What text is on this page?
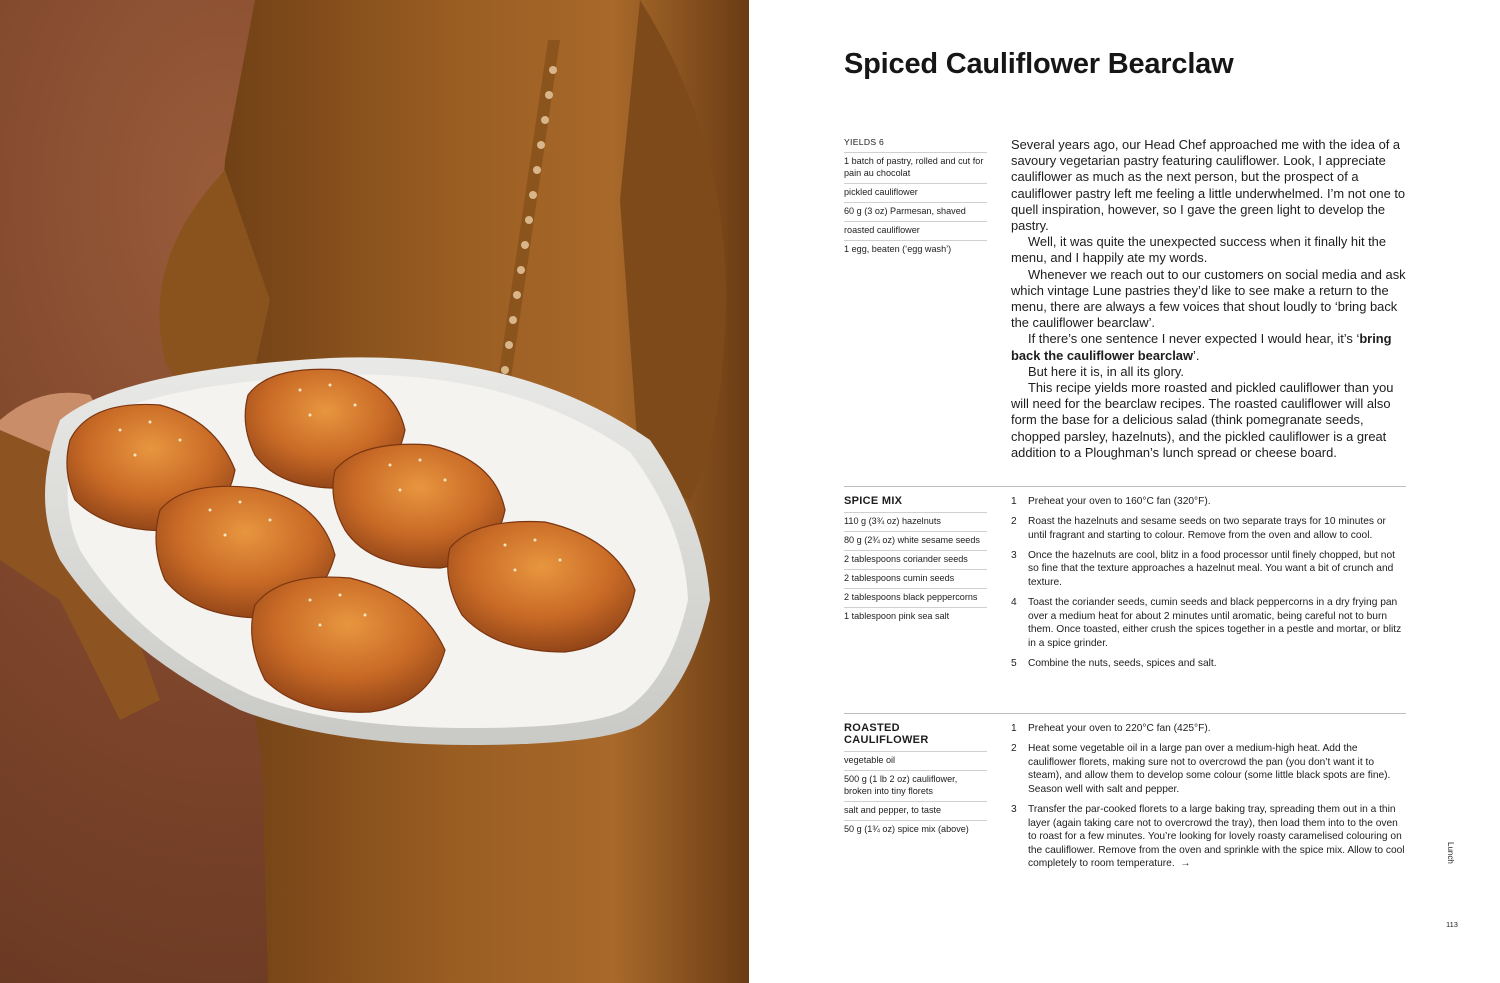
Spiced Cauliflower Bearclaw
YIELDS 6
1 batch of pastry, rolled and cut for pain au chocolat
pickled cauliflower
60 g (3 oz) Parmesan, shaved
roasted cauliflower
1 egg, beaten (‘egg wash’)

Several years ago, our Head Chef approached me with the idea of a savoury vegetarian pastry featuring cauliflower. Look, I appreciate cauliflower as much as the next person, but the prospect of a cauliflower pastry left me feeling a little underwhelmed. I’m not one to quell inspiration, however, so I gave the green light to develop the pastry.

Well, it was quite the unexpected success when it finally hit the menu, and I happily ate my words.

Whenever we reach out to our customers on social media and ask which vintage Lune pastries they’d like to see make a return to the menu, there are always a few voices that shout loudly to ‘bring back the cauliflower bearclaw’.

If there’s one sentence I never expected I would hear, it’s ‘bring back the cauliflower bearclaw’.

But here it is, in all its glory.

This recipe yields more roasted and pickled cauliflower than you will need for the bearclaw recipes. The roasted cauliflower will also form the base for a delicious salad (think pomegranate seeds, chopped parsley, hazelnuts), and the pickled cauliflower is a great addition to a Ploughman’s lunch spread or cheese board.

SPICE MIX
110 g (3¾ oz) hazelnuts
80 g (2¾ oz) white sesame seeds
2 tablespoons coriander seeds
2 tablespoons cumin seeds
2 tablespoons black peppercorns
1 tablespoon pink sea salt
1	Preheat your oven to 160°C fan (320°F).
2	Roast the hazelnuts and sesame seeds on two separate trays for 10 minutes or until fragrant and starting to colour. Remove from the oven and allow to cool.
3	Once the hazelnuts are cool, blitz in a food processor until finely chopped, but not so fine that the texture approaches a hazelnut meal. You want a bit of crunch and texture.
4	Toast the coriander seeds, cumin seeds and black peppercorns in a dry frying pan over a medium heat for about 2 minutes until aromatic, being careful not to burn them. Once toasted, either crush the spices together in a pestle and mortar, or blitz in a spice grinder.
5	Combine the nuts, seeds, spices and salt.
ROASTED CAULIFLOWER
vegetable oil
500 g (1 lb 2 oz) cauliflower, broken into tiny florets
salt and pepper, to taste
50 g (1¾ oz) spice mix (above)
1	Preheat your oven to 220°C fan (425°F).
2	Heat some vegetable oil in a large pan over a medium-high heat. Add the cauliflower florets, making sure not to overcrowd the pan (you don’t want it to steam), and allow them to develop some colour (some little black spots are fine). Season well with salt and pepper.
3	Transfer the par-cooked florets to a large baking tray, spreading them out in a thin layer (again taking care not to overcrowd the tray), then load them into to the oven to roast for a few minutes. You’re looking for lovely roasty caramelised colouring on the cauliflower. Remove from the oven and sprinkle with the spice mix. Allow to cool completely to room temperature. →
Lunch
113
